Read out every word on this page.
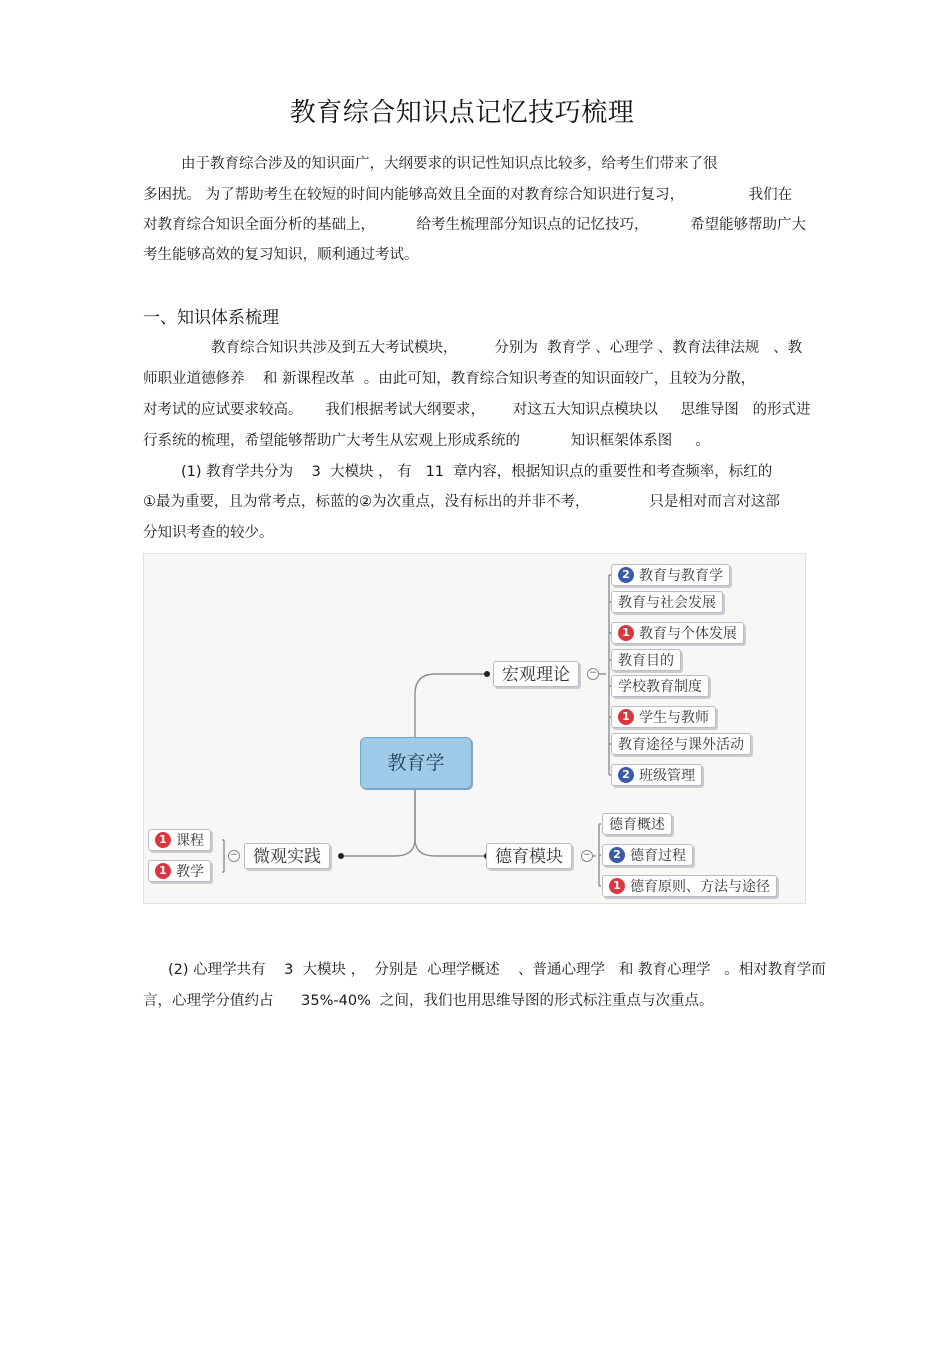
教育综合知识点记忆技巧梳理
由于教育综合涉及的知识面广，大纲要求的识记性知识点比较多，给考生们带来了很
多困扰。 为了帮助考生在较短的时间内能够高效且全面的对教育综合知识进行复习，              我们在
对教育综合知识全面分析的基础上，         给考生梳理部分知识点的记忆技巧，         希望能够帮助广大
考生能够高效的复习知识，顺利通过考试。
一、知识体系梳理
教育综合知识共涉及到五大考试模块，        分别为  教育学 、心理学 、教育法律法规   、教
师职业道德修养    和 新课程改革  。由此可知，教育综合知识考查的知识面较广，且较为分散，
对考试的应试要求较高。     我们根据考试大纲要求，      对这五大知识点模块以     思维导图   的形式进
行系统的梳理，希望能够帮助广大考生从宏观上形成系统的           知识框架体系图     。
(1) 教育学共分为    3  大模块 ， 有   11  章内容，根据知识点的重要性和考查频率，标红的
①最为重要，且为常考点，标蓝的②为次重点，没有标出的并非不考，             只是相对而言对这部
分知识考查的较少。
教育学
宏观理论	−
2 教育与教育学
教育与社会发展
1 教育与个体发展
教育目的
学校教育制度
1 学生与教师
教育途径与课外活动
2 班级管理
德育模块	−
德育概述
2 德育过程
1 德育原则、方法与途径
微观实践
−
1 课程
1 教学
(2) 心理学共有    3  大模块 ，  分别是  心理学概述    、普通心理学   和 教育心理学   。相对教育学而
言，心理学分值约占      35%-40%  之间，我们也用思维导图的形式标注重点与次重点。
